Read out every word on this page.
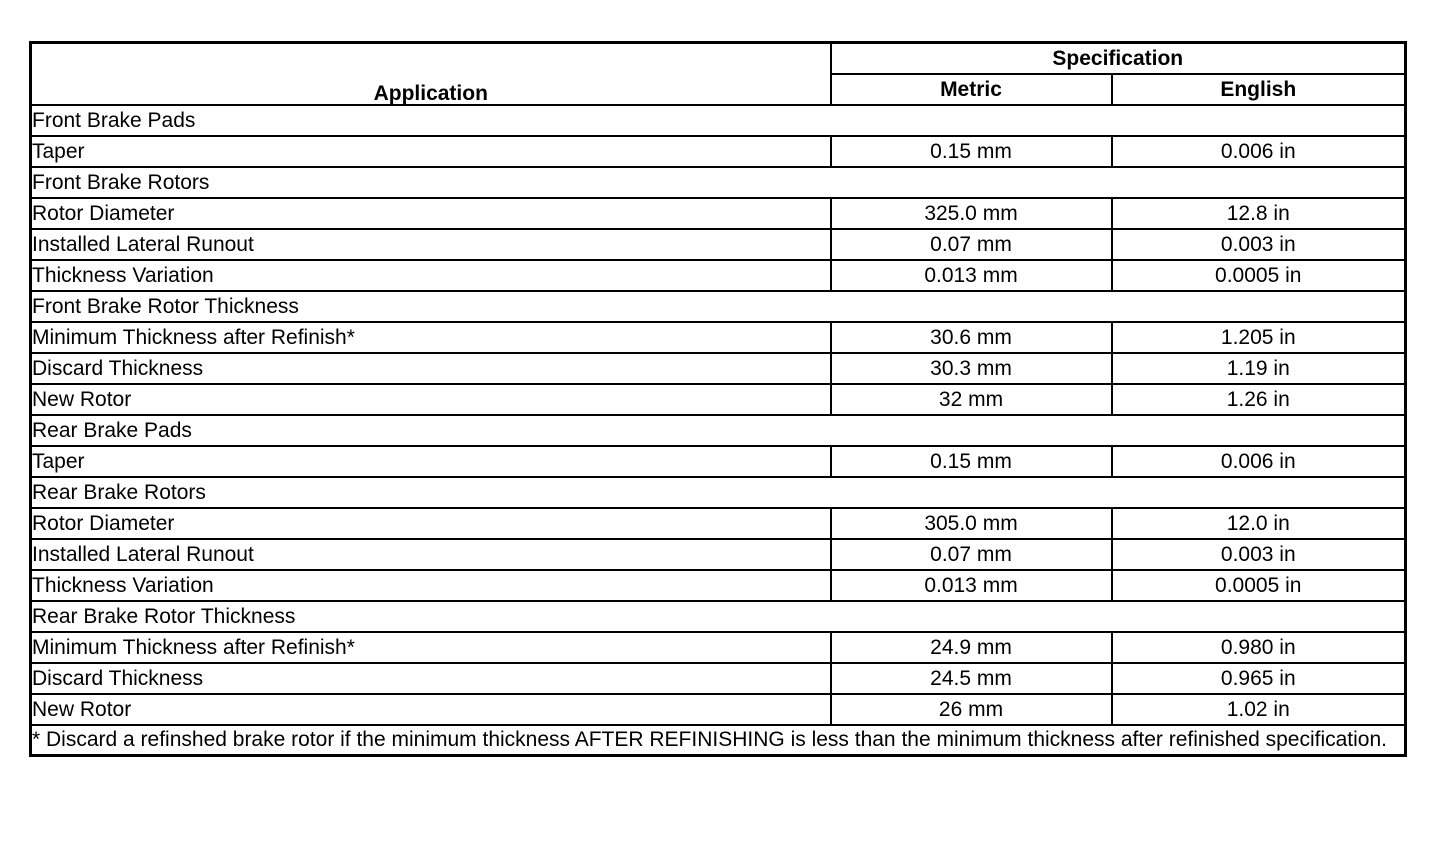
Application	Specification	
	Metric	English
Front Brake Pads		
Taper	0.15 mm	0.006 in
Front Brake Rotors		
Rotor Diameter	325.0 mm	12.8 in
Installed Lateral Runout	0.07 mm	0.003 in
Thickness Variation	0.013 mm	0.0005 in
Front Brake Rotor Thickness		
Minimum Thickness after Refinish*	30.6 mm	1.205 in
Discard Thickness	30.3 mm	1.19 in
New Rotor	32 mm	1.26 in
Rear Brake Pads		
Taper	0.15 mm	0.006 in
Rear Brake Rotors		
Rotor Diameter	305.0 mm	12.0 in
Installed Lateral Runout	0.07 mm	0.003 in
Thickness Variation	0.013 mm	0.0005 in
Rear Brake Rotor Thickness		
Minimum Thickness after Refinish*	24.9 mm	0.980 in
Discard Thickness	24.5 mm	0.965 in
New Rotor	26 mm	1.02 in
* Discard a refinshed brake rotor if the minimum thickness AFTER REFINISHING is less than the minimum thickness after refinished specification.		
